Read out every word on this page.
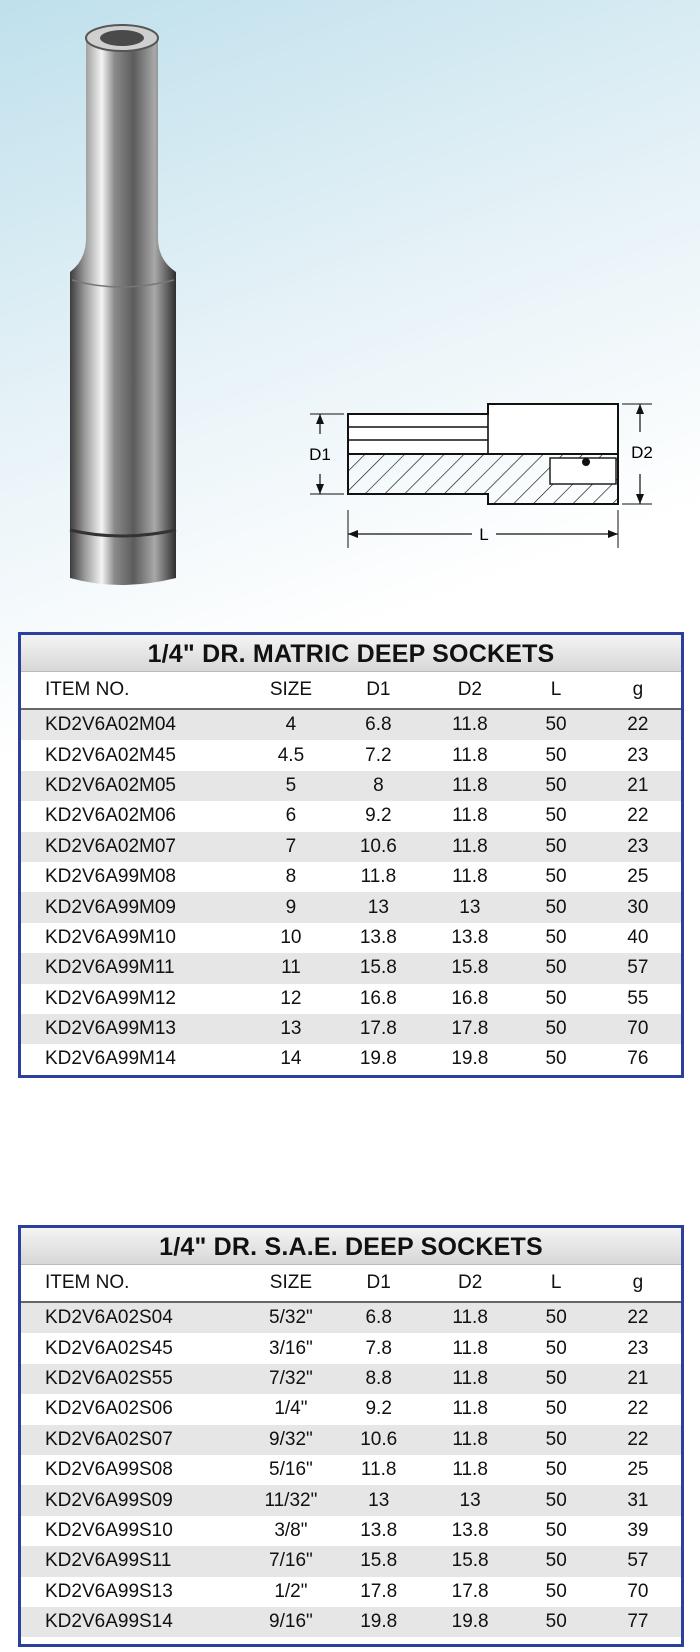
D1	D2
L
1/4" DR. MATRIC DEEP SOCKETS
ITEM NO.	SIZE	D1	D2	L	g
KD2V6A02M04	4	6.8	11.8	50	22
KD2V6A02M45	4.5	7.2	11.8	50	23
KD2V6A02M05	5	8	11.8	50	21
KD2V6A02M06	6	9.2	11.8	50	22
KD2V6A02M07	7	10.6	11.8	50	23
KD2V6A99M08	8	11.8	11.8	50	25
KD2V6A99M09	9	13	13	50	30
KD2V6A99M10	10	13.8	13.8	50	40
KD2V6A99M11	11	15.8	15.8	50	57
KD2V6A99M12	12	16.8	16.8	50	55
KD2V6A99M13	13	17.8	17.8	50	70
KD2V6A99M14	14	19.8	19.8	50	76
1/4" DR. S.A.E. DEEP SOCKETS
ITEM NO.	SIZE	D1	D2	L	g
KD2V6A02S04	5/32"	6.8	11.8	50	22
KD2V6A02S45	3/16"	7.8	11.8	50	23
KD2V6A02S55	7/32"	8.8	11.8	50	21
KD2V6A02S06	1/4"	9.2	11.8	50	22
KD2V6A02S07	9/32"	10.6	11.8	50	22
KD2V6A99S08	5/16"	11.8	11.8	50	25
KD2V6A99S09	11/32"	13	13	50	31
KD2V6A99S10	3/8"	13.8	13.8	50	39
KD2V6A99S11	7/16"	15.8	15.8	50	57
KD2V6A99S13	1/2"	17.8	17.8	50	70
KD2V6A99S14	9/16"	19.8	19.8	50	77
